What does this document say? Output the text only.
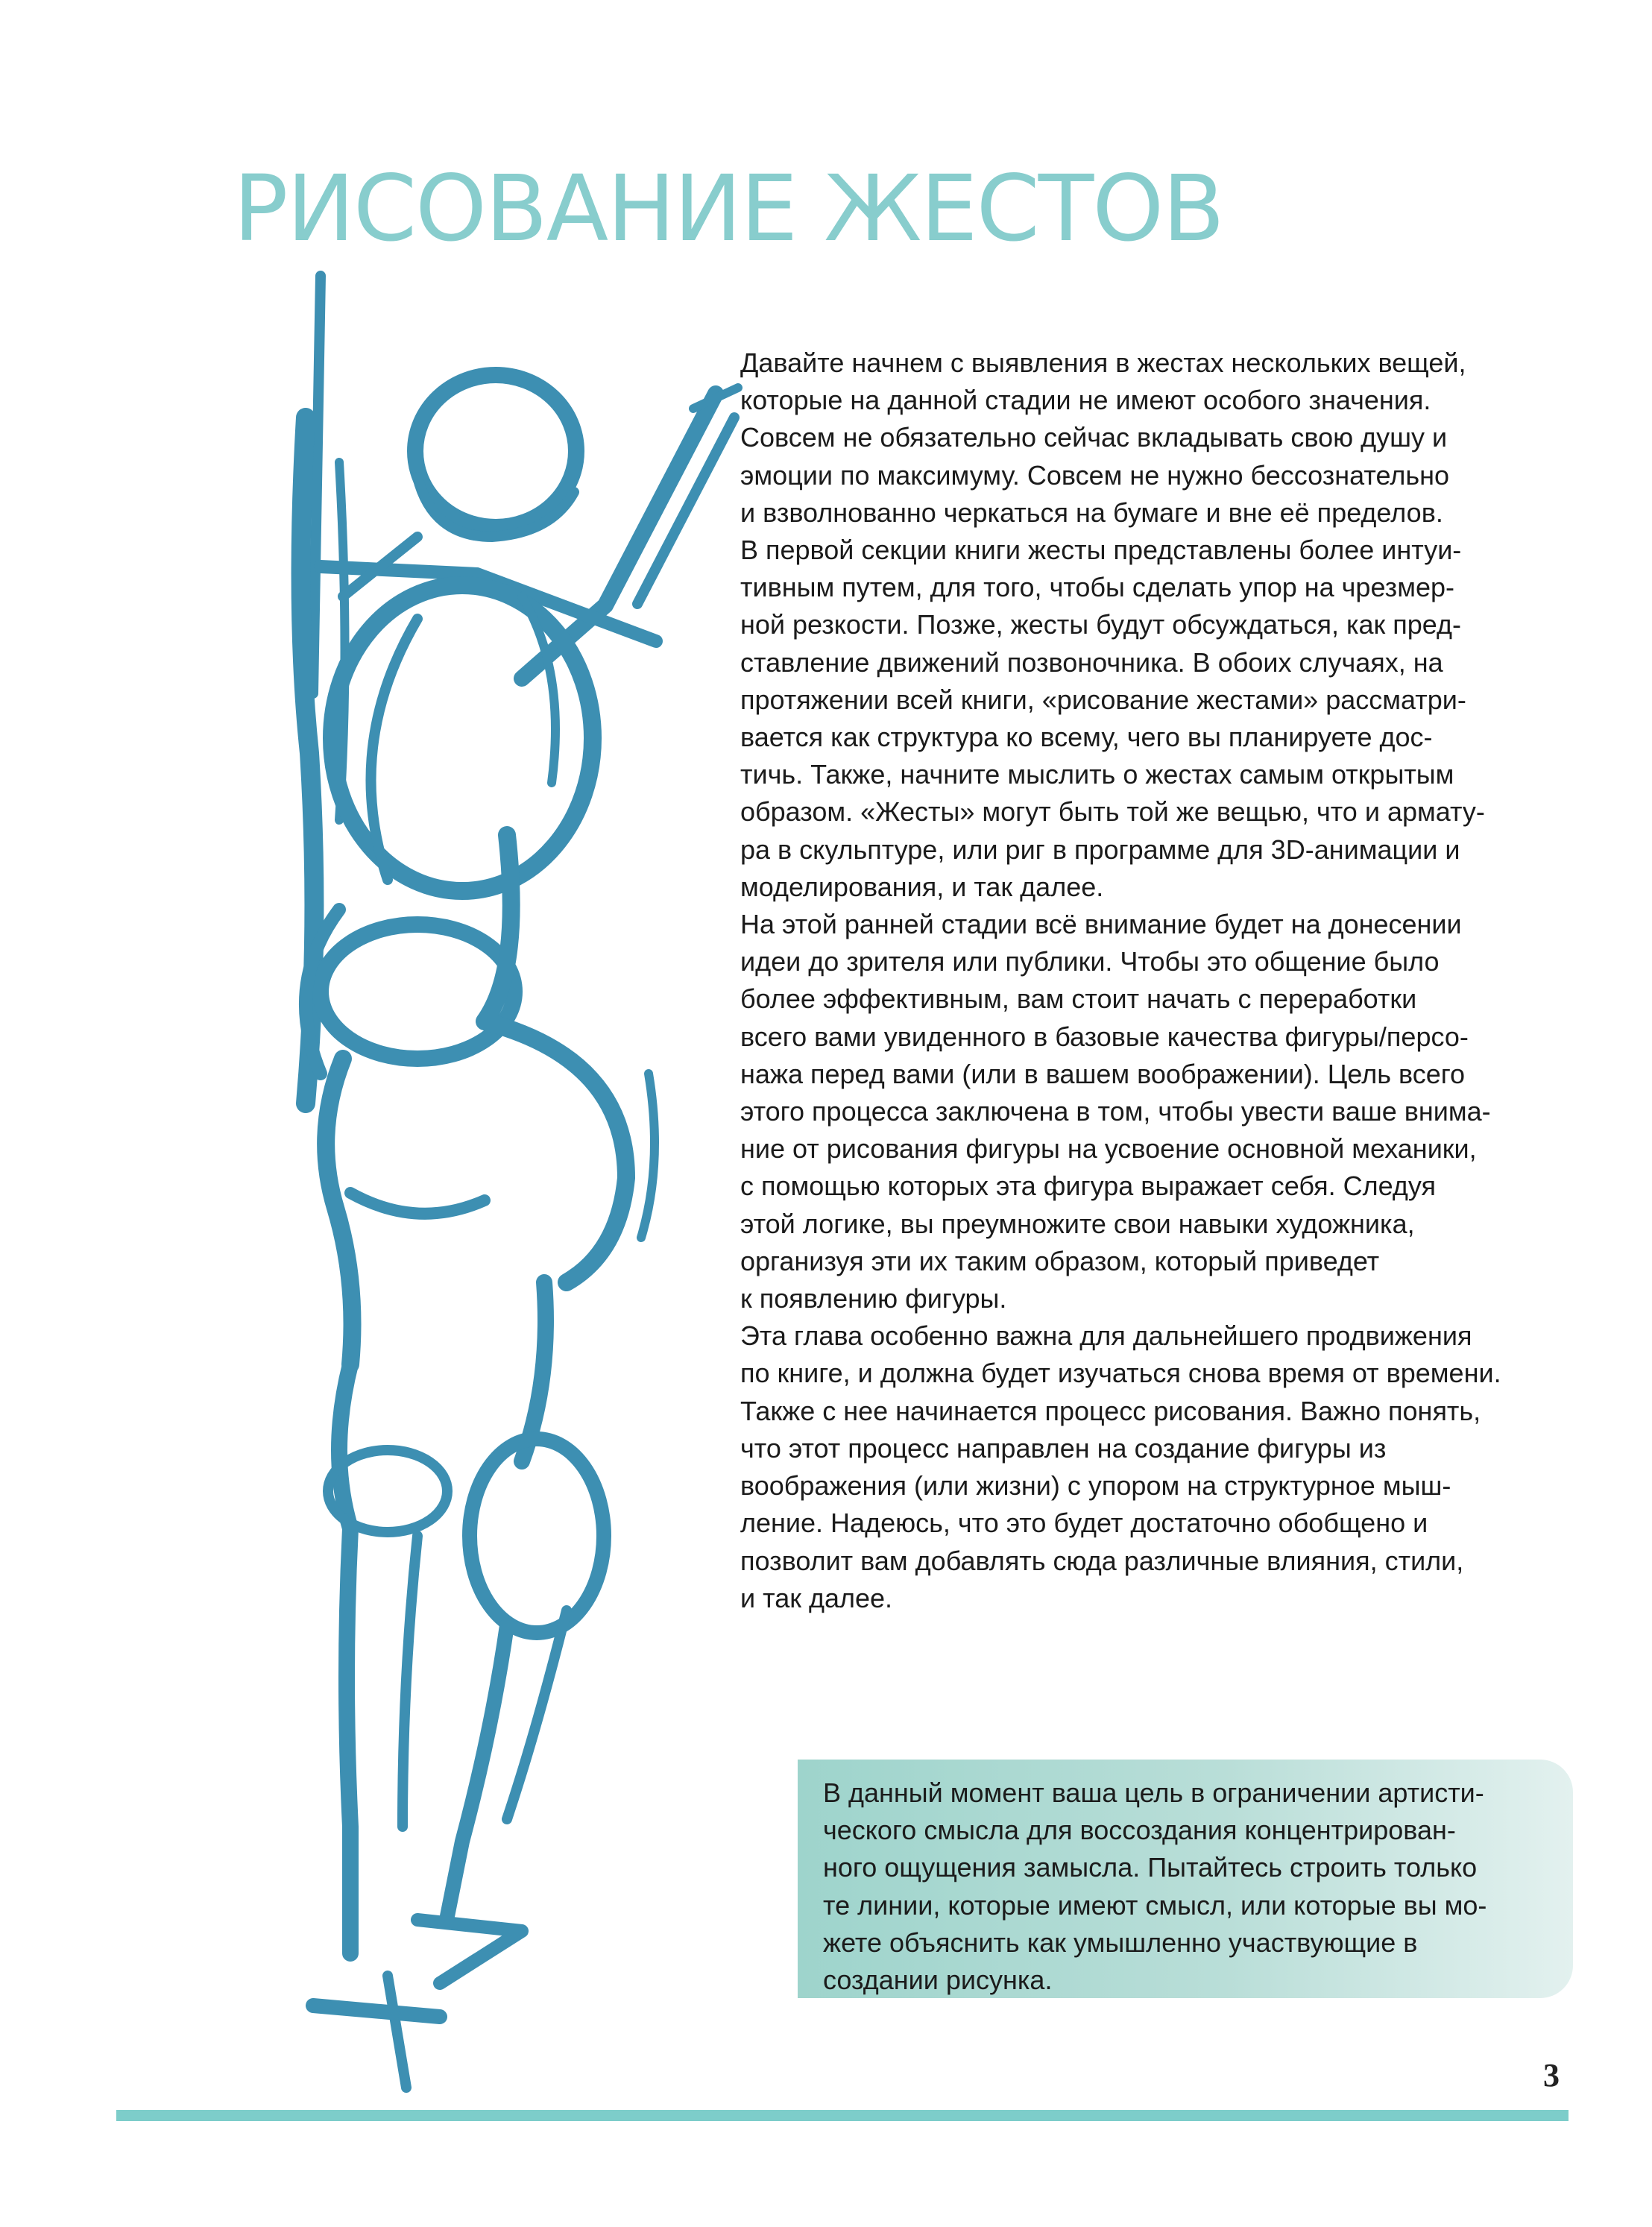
РИСОВАНИЕ ЖЕСТОВ

Давайте начнем с выявления в жестах нескольких вещей,

которые на данной стадии не имеют особого значения.

Совсем не обязательно сейчас вкладывать свою душу и

эмоции по максимуму. Совсем не нужно бессознательно

и взволнованно черкаться на бумаге и вне её пределов.

В первой секции книги жесты представлены более интуи-

тивным путем, для того, чтобы сделать упор на чрезмер-

ной резкости. Позже, жесты будут обсуждаться, как пред-

ставление движений позвоночника. В обоих случаях, на

протяжении всей книги, «рисование жестами» рассматри-

вается как структура ко всему, чего вы планируете дос-

тичь. Также, начните мыслить о жестах самым открытым

образом. «Жесты» могут быть той же вещью, что и армату-

ра в скульптуре, или риг в программе для 3D-анимации и

моделирования, и так далее.

На этой ранней стадии всё внимание будет на донесении

идеи до зрителя или публики. Чтобы это общение было

более эффективным, вам стоит начать с переработки

всего вами увиденного в базовые качества фигуры/персо-

нажа перед вами (или в вашем воображении). Цель всего

этого процесса заключена в том, чтобы увести ваше внима-

ние от рисования фигуры на усвоение основной механики,

с помощью которых эта фигура выражает себя. Следуя

этой логике, вы преумножите свои навыки художника,

организуя эти их таким образом, который приведет

к появлению фигуры.

Эта глава особенно важна для дальнейшего продвижения

по книге, и должна будет изучаться снова время от времени.

Также с нее начинается процесс рисования. Важно понять,

что этот процесс направлен на создание фигуры из

воображения (или жизни) с упором на структурное мыш-

ление. Надеюсь, что это будет достаточно обобщено и

позволит вам добавлять сюда различные влияния, стили,

и так далее.

В данный момент ваша цель в ограничении артисти-

ческого смысла для воссоздания концентрирован-

ного ощущения замысла. Пытайтесь строить только

те линии, которые имеют смысл, или которые вы мо-

жете объяснить как умышленно участвующие в

создании рисунка.

3
